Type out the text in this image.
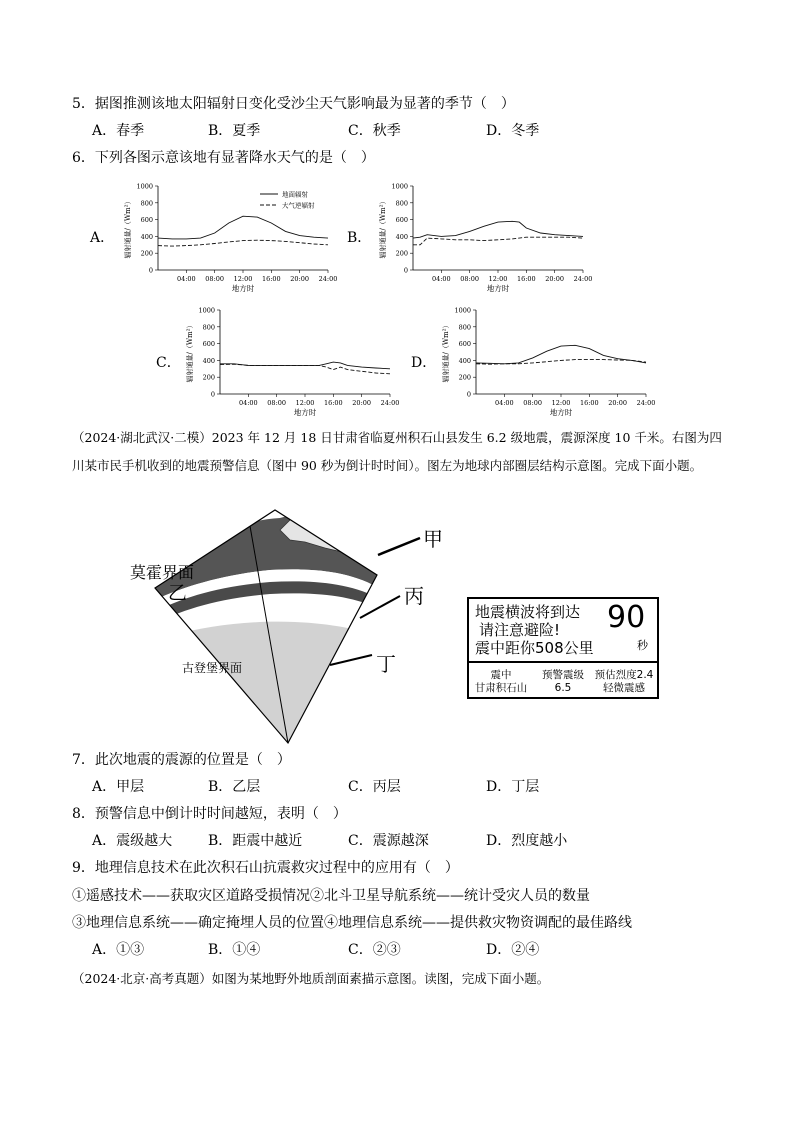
5．据图推测该地太阳辐射日变化受沙尘天气影响最为显著的季节（　）
A．春季	B．夏季	C．秋季	D．冬季
6．下列各图示意该地有显著降水天气的是（　）
A．	B．
C．	D．
0
200
400
600
800
1000
04:00 08:00 12:00 16:00 20:00 24:00
地方时
辐射通量/（Wm²）
地面辐射
大气逆辐射
0
200
400
600
800
1000
04:00 08:00 12:00 16:00 20:00 24:00
地方时
辐射通量/（Wm²）
0
200
400
600
800
1000
04:00 08:00 12:00 16:00 20:00 24:00
地方时
辐射通量/（Wm²）
0
200
400
600
800
1000
04:00 08:00 12:00 16:00 20:00 24:00
地方时
辐射通量/（Wm²）
（2024·湖北武汉·二模）2023 年 12 月 18 日甘肃省临夏州积石山县发生 6.2 级地震，震源深度 10 千米。右图为四川某市民手机收到的地震预警信息（图中 90 秒为倒计时时间）。图左为地球内部圈层结构示意图。完成下面小题。
甲
丙
丁
乙
莫霍界面
古登堡界面
地震横波将到达
请注意避险!
震中距你508公里
90
秒
震中
甘肃积石山
预警震级
6.5
预估烈度2.4
轻微震感
7．此次地震的震源的位置是（　）
A．甲层	B．乙层	C．丙层	D．丁层
8．预警信息中倒计时时间越短，表明（　）
A．震级越大	B．距震中越近	C．震源越深	D．烈度越小
9．地理信息技术在此次积石山抗震救灾过程中的应用有（　）
①遥感技术——获取灾区道路受损情况②北斗卫星导航系统——统计受灾人员的数量
③地理信息系统——确定掩埋人员的位置④地理信息系统——提供救灾物资调配的最佳路线
A．①③	B．①④	C．②③	D．②④
（2024·北京·高考真题）如图为某地野外地质剖面素描示意图。读图，完成下面小题。
